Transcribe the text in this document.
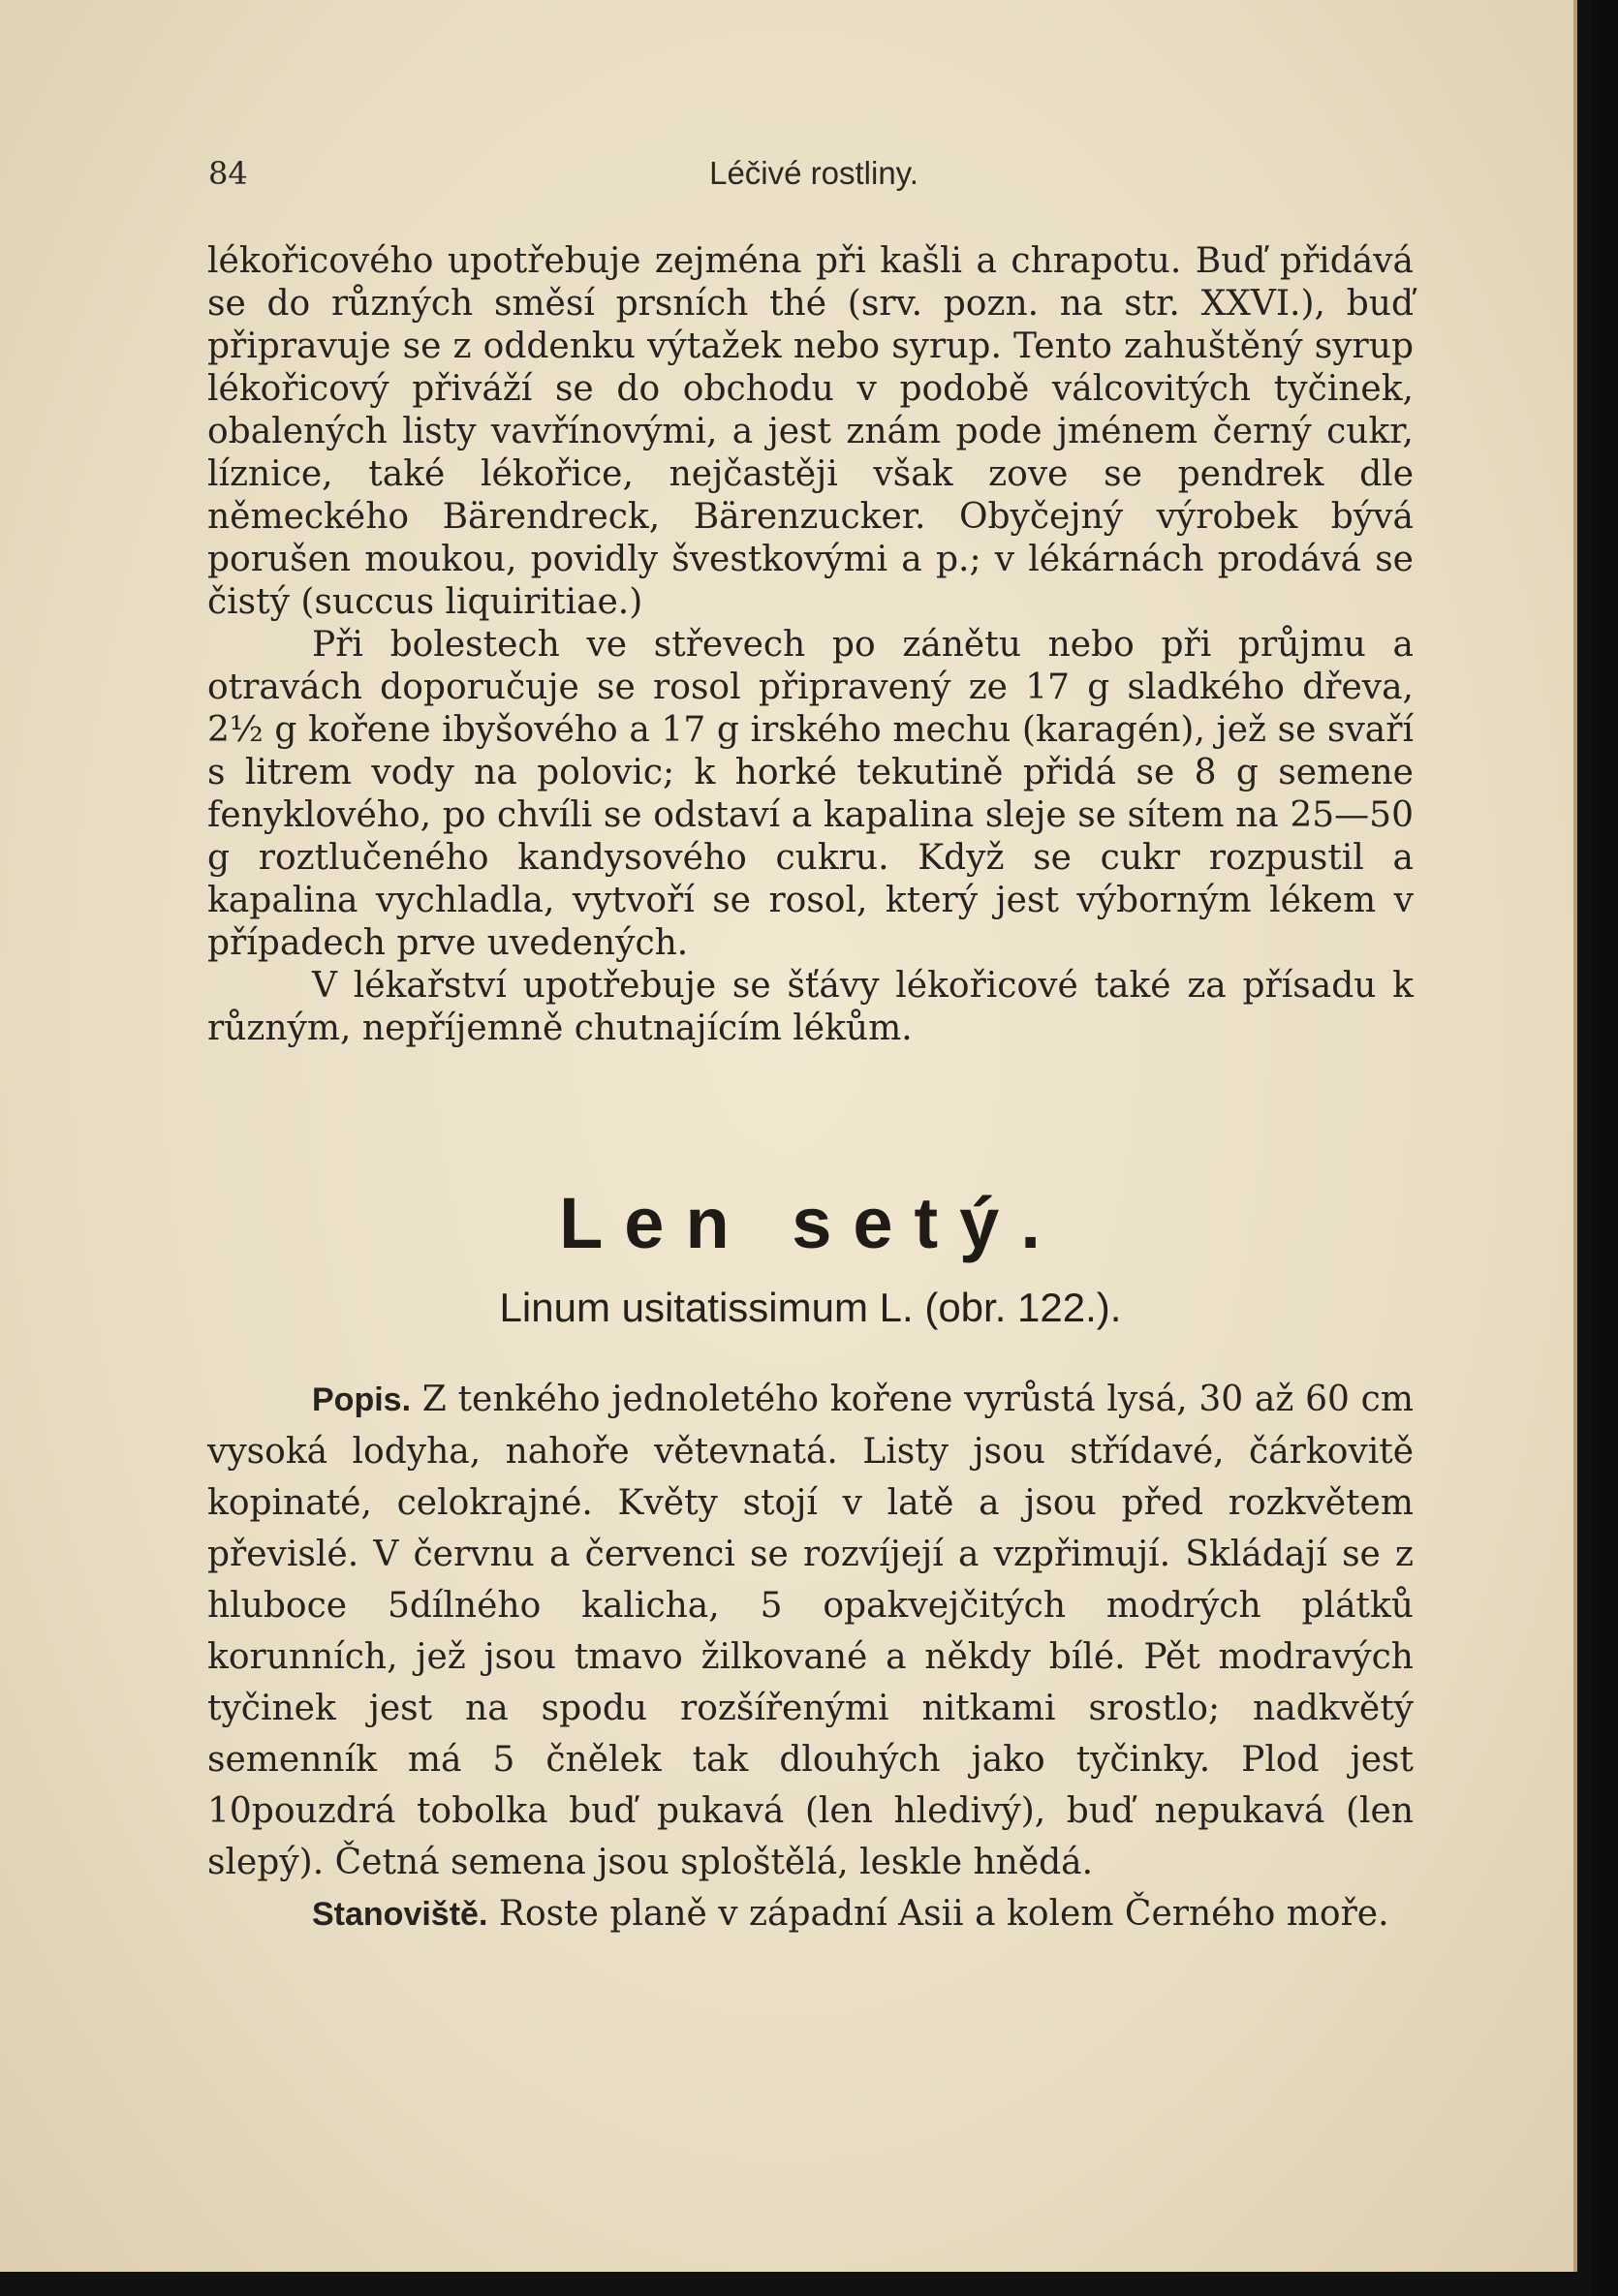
84	Léčivé rostliny.

lékořicového upotřebuje zejména při kašli a chrapotu. Buď přidává se do různých směsí prsních thé (srv. pozn. na str. XXVI.), buď připravuje se z oddenku výtažek nebo syrup. Tento zahuštěný syrup lékořicový přiváží se do obchodu v podobě válcovitých tyčinek, obalených listy vavřínovými, a jest znám pode jménem černý cukr, líznice, také lékořice, nejčastěji však zove se pendrek dle německého Bärendreck, Bärenzucker. Obyčejný výrobek bývá porušen moukou, povidly švestkovými a p.; v lékárnách prodává se čistý (succus liquiritiae.)

Při bolestech ve střevech po zánětu nebo při průjmu a otravách doporučuje se rosol připravený ze 17 g sladkého dřeva, 2½ g kořene ibyšového a 17 g irského mechu (karagén), jež se svaří s litrem vody na polovic; k horké tekutině přidá se 8 g semene fenyklového, po chvíli se odstaví a kapalina sleje se sítem na 25—50 g roztlučeného kandysového cukru. Když se cukr rozpustil a kapalina vychladla, vytvoří se rosol, který jest výborným lékem v případech prve uvedených.

V lékařství upotřebuje se šťávy lékořicové také za přísadu k různým, nepříjemně chutnajícím lékům.

Len setý.
Linum usitatissimum L. (obr. 122.).

Popis. Z tenkého jednoletého kořene vyrůstá lysá, 30 až 60 cm vysoká lodyha, nahoře větevnatá. Listy jsou střídavé, čárkovitě kopinaté, celokrajné. Květy stojí v latě a jsou před rozkvětem převislé. V červnu a červenci se rozvíjejí a vzpřimují. Skládají se z hluboce 5dílného kalicha, 5 opakvejčitých modrých plátků korunních, jež jsou tmavo žilkované a někdy bílé. Pět modravých tyčinek jest na spodu rozšířenými nitkami srostlo; nadkvětý semenník má 5 čnělek tak dlouhých jako tyčinky. Plod jest 10pouzdrá tobolka buď pukavá (len hledivý), buď nepukavá (len slepý). Četná semena jsou sploštělá, leskle hnědá.

Stanoviště. Roste planě v západní Asii a kolem Černého moře.
